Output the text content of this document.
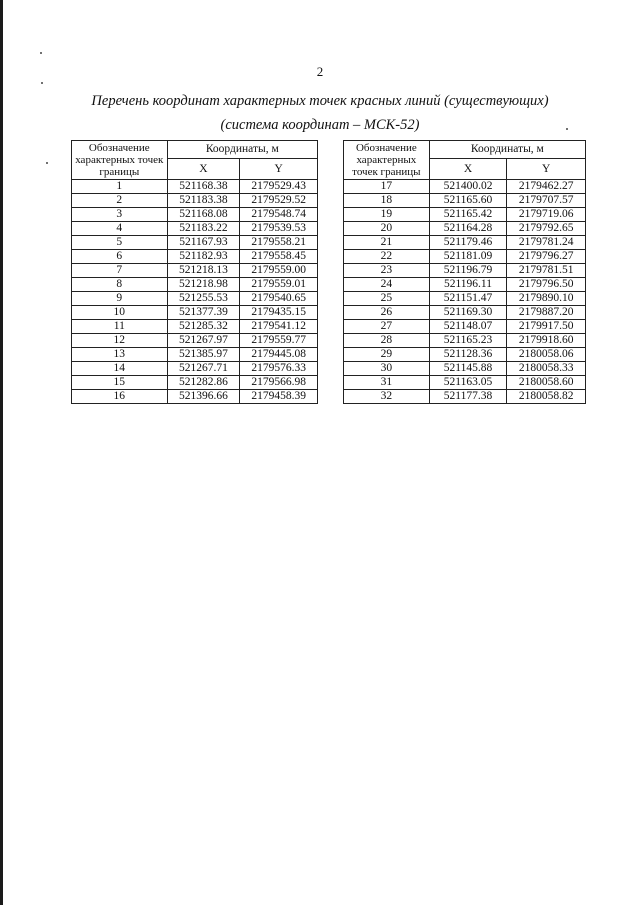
2
Перечень координат характерных точек красных линий (существующих)
(система координат – МСК-52)
Обозначение характерных точек границы	Координаты, м	
	X	Y
1	521168.38	2179529.43
2	521183.38	2179529.52
3	521168.08	2179548.74
4	521183.22	2179539.53
5	521167.93	2179558.21
6	521182.93	2179558.45
7	521218.13	2179559.00
8	521218.98	2179559.01
9	521255.53	2179540.65
10	521377.39	2179435.15
11	521285.32	2179541.12
12	521267.97	2179559.77
13	521385.97	2179445.08
14	521267.71	2179576.33
15	521282.86	2179566.98
16	521396.66	2179458.39
Обозначение характерных точек границы	Координаты, м	
	X	Y
17	521400.02	2179462.27
18	521165.60	2179707.57
19	521165.42	2179719.06
20	521164.28	2179792.65
21	521179.46	2179781.24
22	521181.09	2179796.27
23	521196.79	2179781.51
24	521196.11	2179796.50
25	521151.47	2179890.10
26	521169.30	2179887.20
27	521148.07	2179917.50
28	521165.23	2179918.60
29	521128.36	2180058.06
30	521145.88	2180058.33
31	521163.05	2180058.60
32	521177.38	2180058.82
